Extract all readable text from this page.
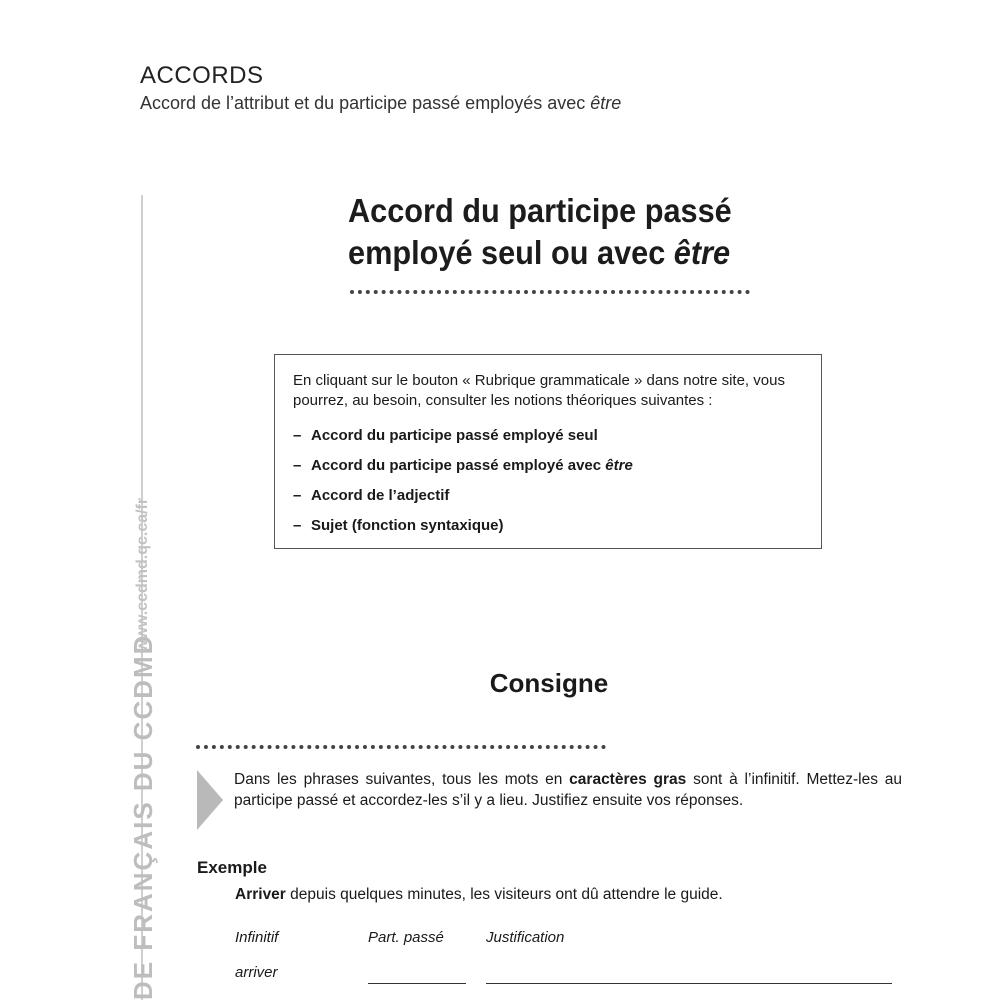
ACCORDS
Accord de l’attribut et du participe passé employés avec être
DE FRANÇAIS DU CCDMD
www.ccdmd.qc.ca/fr
Accord du participe passé
employé seul ou avec être

En cliquant sur le bouton « Rubrique grammaticale » dans notre site, vous pourrez, au besoin, consulter les notions théoriques suivantes :

– Accord du participe passé employé seul
– Accord du participe passé employé avec être
– Accord de l’adjectif
– Sujet (fonction syntaxique)
Consigne
Dans les phrases suivantes, tous les mots en caractères gras sont à l’infinitif. Mettez-les au participe passé et accordez-les s’il y a lieu. Justifiez ensuite vos réponses.
Exemple
Arriver depuis quelques minutes, les visiteurs ont dû attendre le guide.
Infinitif	Part. passé	Justification
arriver
